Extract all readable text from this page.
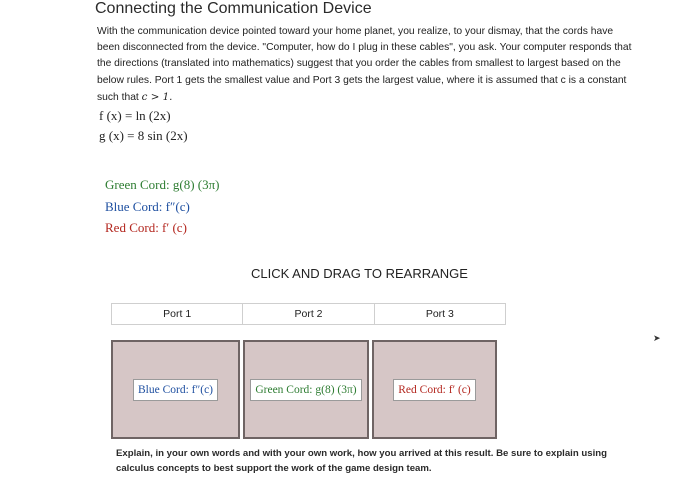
Connecting the Communication Device
With the communication device pointed toward your home planet, you realize, to your dismay, that the cords have been disconnected from the device. "Computer, how do I plug in these cables", you ask. Your computer responds that the directions (translated into mathematics) suggest that you order the cables from smallest to largest based on the below rules. Port 1 gets the smallest value and Port 3 gets the largest value, where it is assumed that c is a constant such that c > 1.
f (x) = ln (2x)
g (x) = 8 sin (2x)
Green Cord: g(8) (3π)
Blue Cord: f″(c)
Red Cord: f′ (c)
CLICK AND DRAG TO REARRANGE
Port 1	Port 2	Port 3
Blue Cord: f″(c)	Green Cord: g(8) (3π)	Red Cord: f′ (c)
Explain, in your own words and with your own work, how you arrived at this result. Be sure to explain using calculus concepts to best support the work of the game design team.
➤
